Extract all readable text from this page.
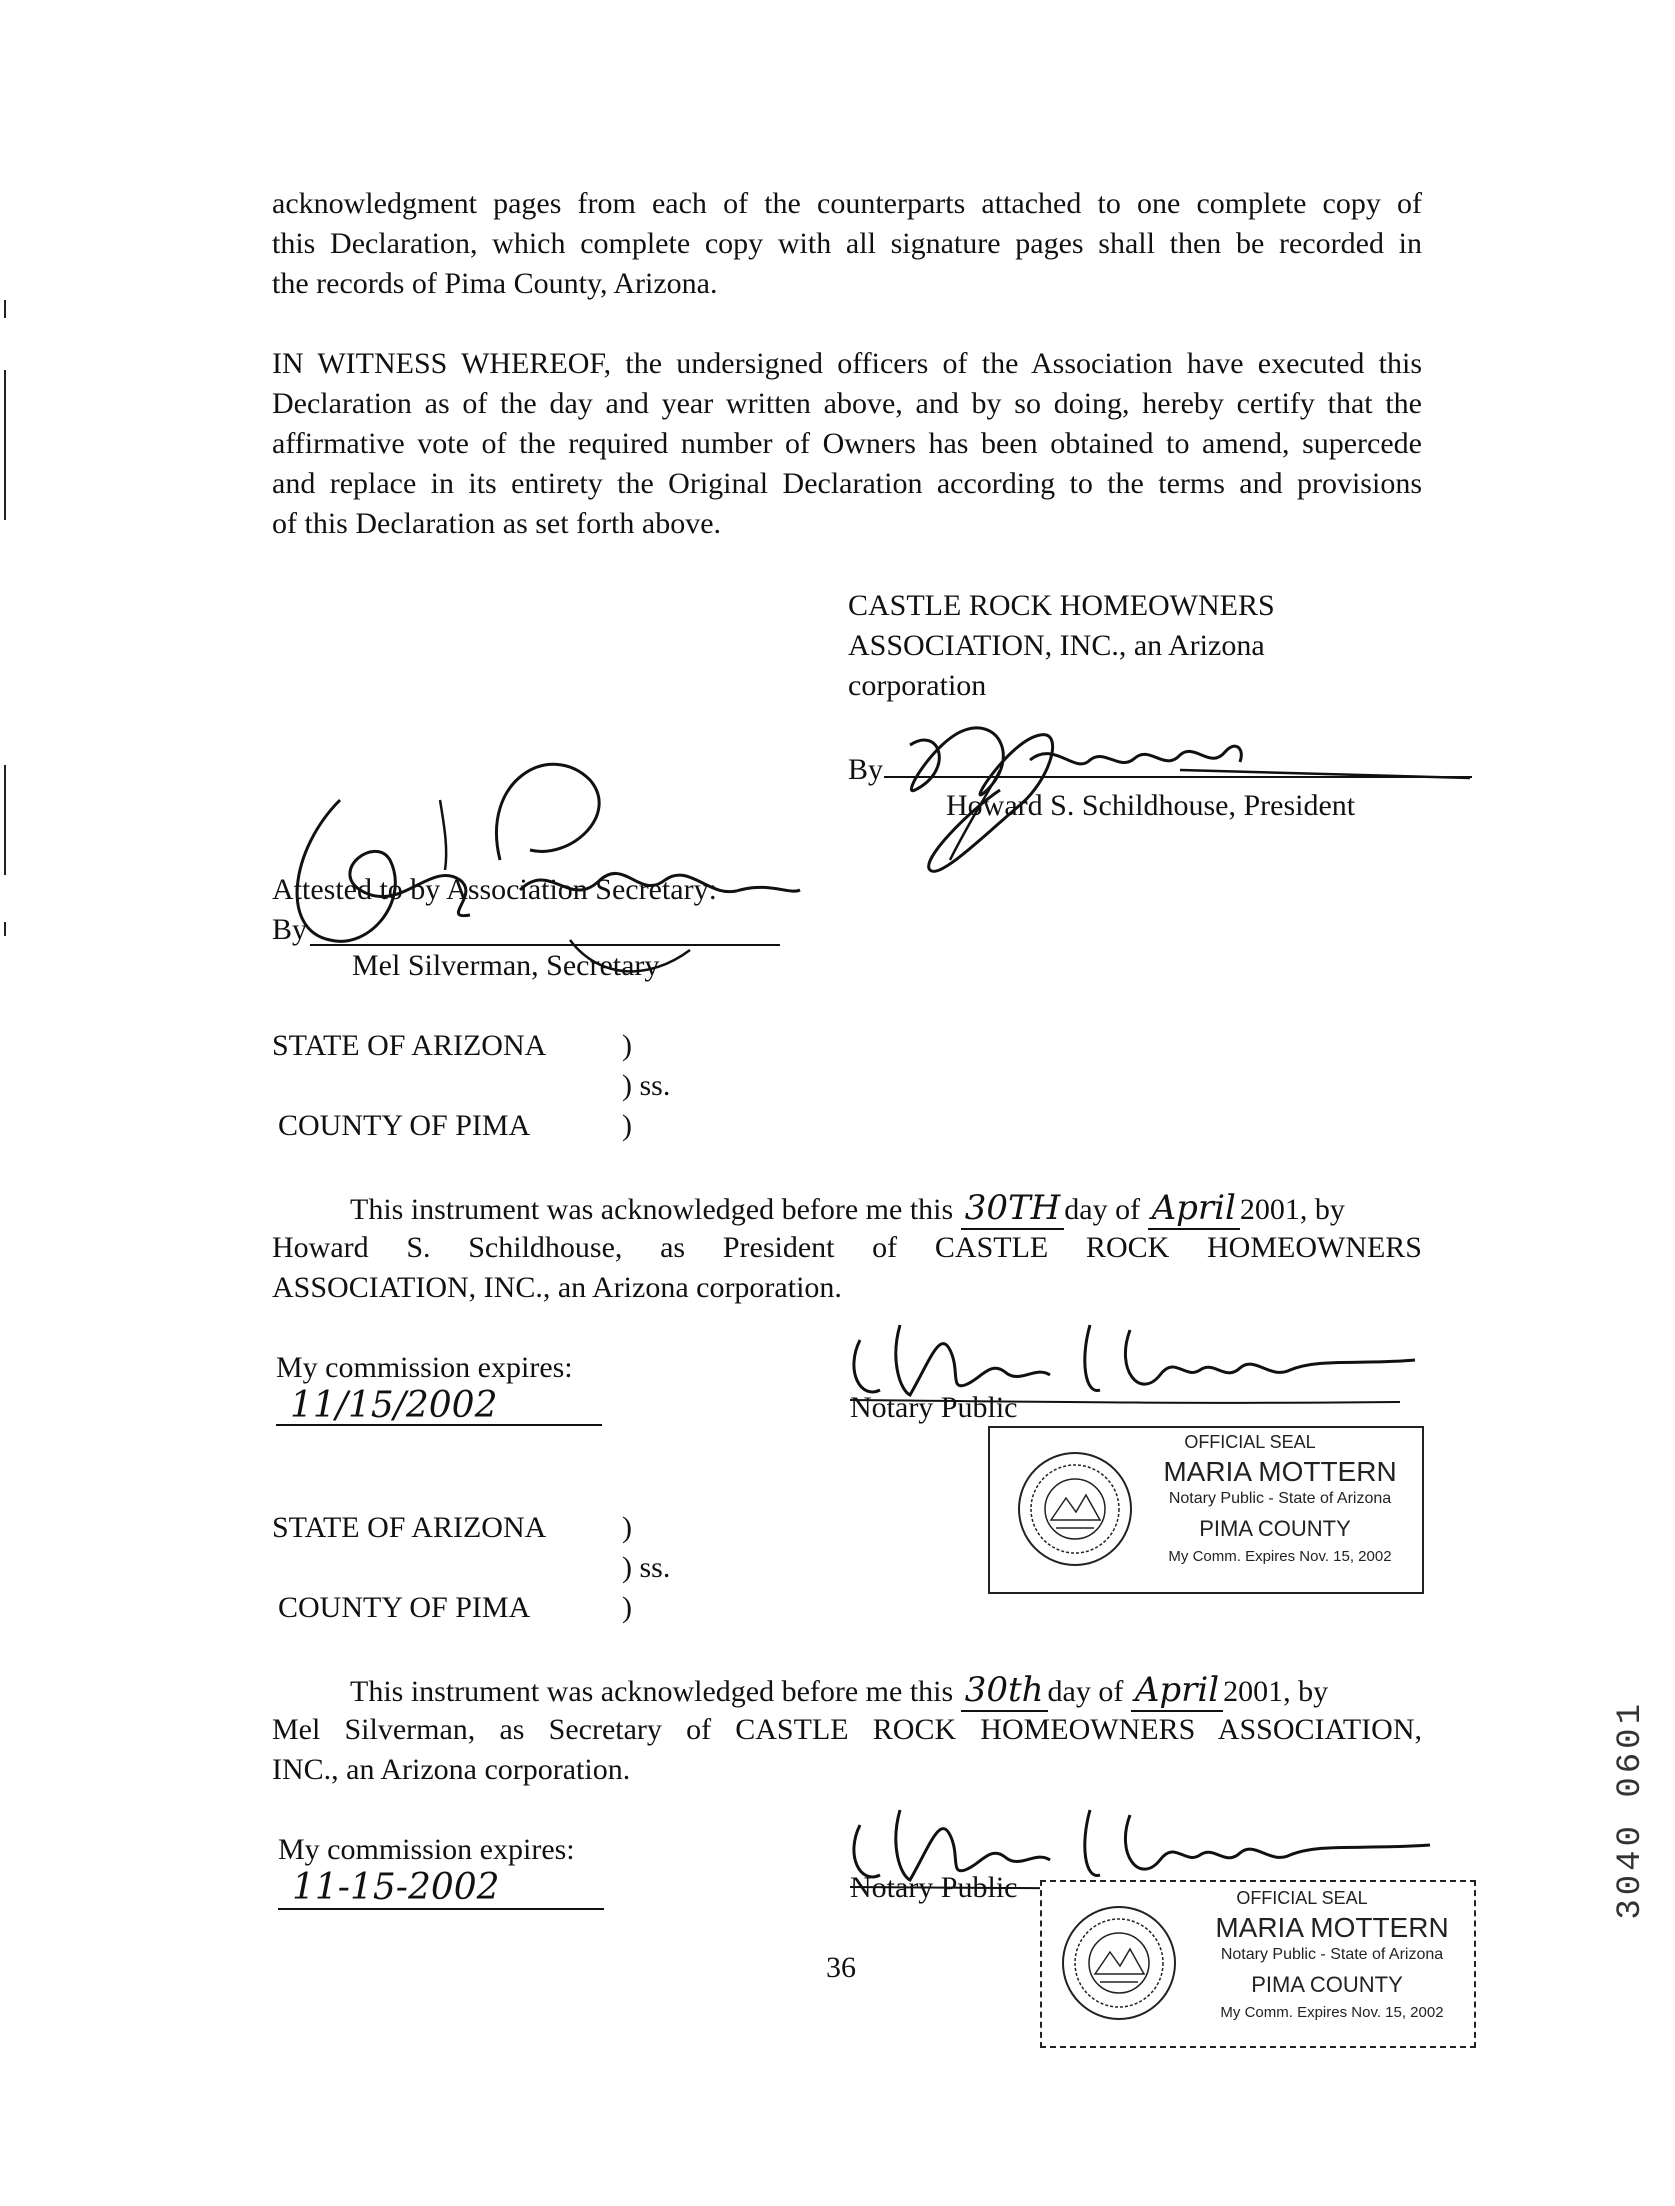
acknowledgment pages from each of the counterparts attached to one complete copy of
this Declaration, which complete copy with all signature pages shall then be recorded in
the records of Pima County, Arizona.
IN WITNESS WHEREOF, the undersigned officers of the Association have executed this
Declaration as of the day and year written above, and by so doing, hereby certify that the
affirmative vote of the required number of Owners has been obtained to amend, supercede
and replace in its entirety the Original Declaration according to the terms and provisions
of this Declaration as set forth above.
CASTLE ROCK HOMEOWNERS
ASSOCIATION, INC., an Arizona
corporation
By
Howard S. Schildhouse, President
Attested to by Association Secretary:
By
Mel Silverman, Secretary
STATE OF ARIZONA	)
) ss.
COUNTY OF PIMA	)
This instrument was acknowledged before me this 30TH day of April 2001, by
Howard S. Schildhouse, as President of CASTLE ROCK HOMEOWNERS
ASSOCIATION, INC., an Arizona corporation.
My commission expires:
11/15/2002	Notary Public
OFFICIAL SEAL
MARIA MOTTERN
Notary Public - State of Arizona
PIMA COUNTY
My Comm. Expires Nov. 15, 2002
STATE OF ARIZONA	)
) ss.
COUNTY OF PIMA	)
This instrument was acknowledged before me this 30th day of April 2001, by
Mel Silverman, as Secretary of CASTLE ROCK HOMEOWNERS ASSOCIATION,
INC., an Arizona corporation.
My commission expires:
11-15-2002	Notary Public	OFFICIAL SEAL
MARIA MOTTERN
Notary Public - State of Arizona
PIMA COUNTY
My Comm. Expires Nov. 15, 2002
36
3040 0601
